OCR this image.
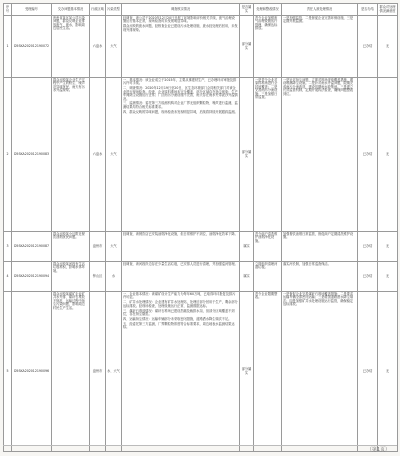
序号	受理编号	交办问题基本情况	行政区域	污染类型	调查核实情况	是否属实	处理和整改情况	责任人被处理情况	是否办结	群众对处理情况满意度
1	D5SKA202012190072	贵州省某区某公司污染问题，群众反映企业排放废气、废水，影响周边居民生活。	六盘水	大气	经调查，该公司于2020年12月20日开展了环境影响评价相关手续，废气治理设施运行基本正常，现场检查时未发现明显异味。
群众反映的废水问题，经核查企业已建设污水处理设施，废水经处理后回用，未发现外排现象。	部分属实	责令企业加强废气治理设施运行管理，确保达标排放。	一是加强监管，二是督促企业完善环保设施，三是定期开展监测。	已办结	无
2	D5SKA202012190083	群众反映某企业生产过程中产生的粉尘、噪声及异味扰民，雨天有污水外溢现象。	六盘水	大气	一、基本情况：该企业成立于2015年，主要从事建材生产，已办理环评审批及排污许可手续。
二、调查情况：2020年12月19日至20日，区生态环境部门会同相关部门对该企业进行现场检查。经查，企业原料堆场未完全覆盖，部分区域存在扬尘现象；生产车间除尘设施运行正常；厂区雨污分流设施不完善，雨天存在雨水夹带泥沙外溢情况。
三、监测情况：委托第三方检测机构对企业厂界无组织颗粒物、噪声进行监测，监测结果均符合相关标准要求。
四、群众反映的异味问题，现场检查未发现明显异味，后续将持续开展跟踪监测。	部分属实	一是责令企业对原料堆场进行全封闭覆盖；二是完善雨污分流设施；三是加强日常巡查。	一是针对扬尘问题，立即对堆场采取覆盖措施，增设喷淋降尘设施。二是针对雨水外溢问题，限期完成雨污分流改造，建设初期雨水收集池。三是建立长效监管机制，定期开展执法检查，确保问题整改到位。	已办结	无
3	D5SKA202012190087	群众反映某小区附近餐饮油烟扰民问题。	盘州市	大气	经调查，该餐饮店已安装油烟净化设施，但日常维护不到位，油烟净化效率下降。	属实	责令商户清洗维护油烟净化设施。	加强餐饮油烟日常监管，督促商户定期清洗维护设施。	已办结	无
4	D5SKA202012190094	群众反映某河段有生活垃圾堆积，影响水体环境。	钟山区	水	经调查，该河段岸边存在少量生活垃圾，已安排人员进行清理，并加强巡河管理。	属实	立即组织清理河道垃圾。	落实河长制，加强日常巡查保洁。	已办结	无
5	D5SKA202012190096	群众反映某煤矿企业矿井水外排、煤矸石堆放不规范、运输过程中扬尘污染问题，影响周边村民生产生活。	盘州市	水、大气	一、企业基本情况：该煤矿设计生产能力为每年60万吨，已取得环评批复及排污许可证。
二、矿井水处理情况：企业建有矿井水处理站，处理后部分回用于生产，剩余部分达标排放。经现场检查，处理设施运行正常，监测数据达标。
三、煤矸石堆放情况：煤矸石堆场已建设挡墙及截排水沟，但部分区域覆盖不到位，存在扬尘隐患。
四、运输扬尘情况：运输车辆部分未采取密闭措施，道路洒水降尘频次不足。
五、经委托第三方监测，厂界颗粒物浓度符合标准要求，周边地表水监测结果达标。	部分属实	责令企业限期整改。	一是督促企业完善煤矸石堆场覆盖措施；二是要求运输车辆全部密闭运输；三是增加道路洒水降尘频次；四是加强矿井水处理设施运行监管，确保稳定达标排放。	已办结	无
（第1页）
